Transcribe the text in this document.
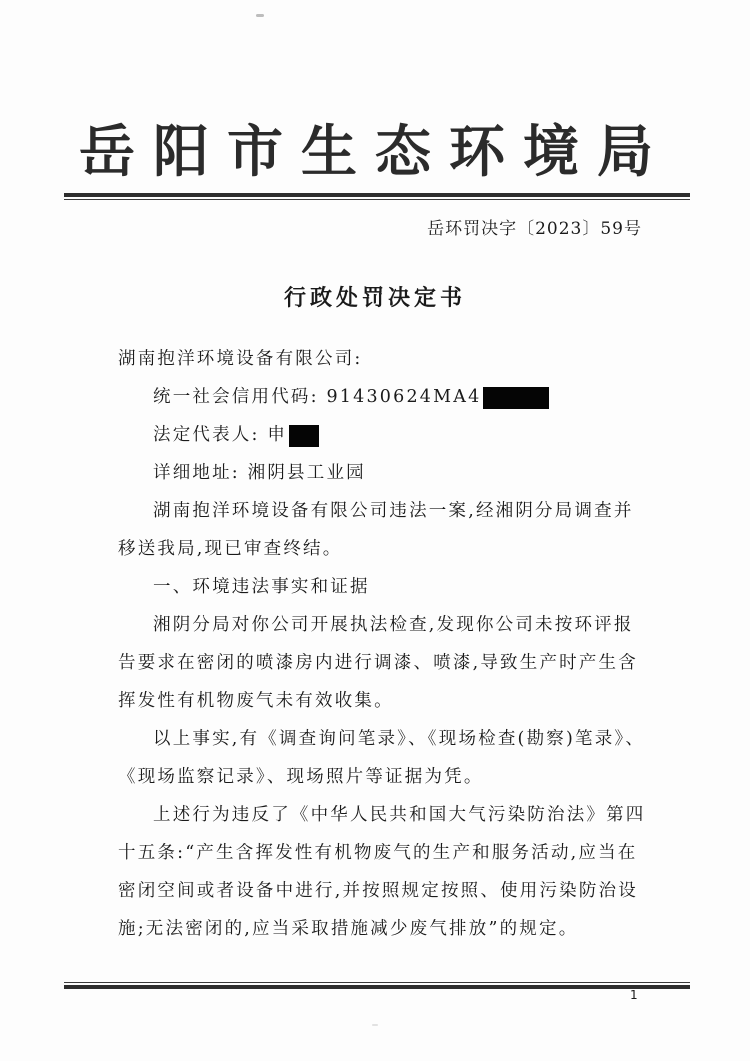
岳阳市生态环境局
岳环罚决字〔2023〕59号
行政处罚决定书

湖南抱洋环境设备有限公司:

统一社会信用代码: 91430624MA4

法定代表人: 申

详细地址: 湘阴县工业园

湖南抱洋环境设备有限公司违法一案,经湘阴分局调查并移送我局,现已审查终结。

一、环境违法事实和证据

湘阴分局对你公司开展执法检查,发现你公司未按环评报告要求在密闭的喷漆房内进行调漆、喷漆,导致生产时产生含挥发性有机物废气未有效收集。

以上事实,有《调查询问笔录》、《现场检查(勘察)笔录》、《现场监察记录》、现场照片等证据为凭。

上述行为违反了《中华人民共和国大气污染防治法》第四十五条:“产生含挥发性有机物废气的生产和服务活动,应当在密闭空间或者设备中进行,并按照规定按照、使用污染防治设施;无法密闭的,应当采取措施减少废气排放”的规定。

1
